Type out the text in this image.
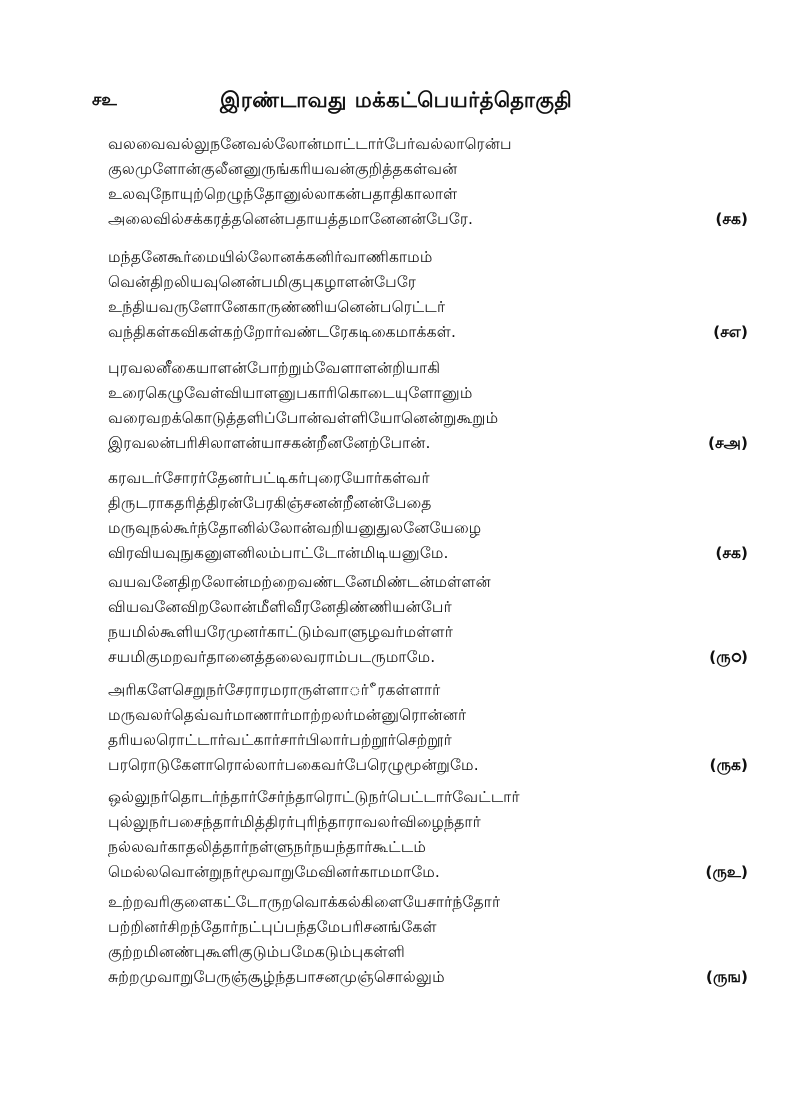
சஉ	இரண்டாவது மக்கட்பெயர்த்தொகுதி
வலவைவல்லுநனேவல்லோன்மாட்டார்பேர்வல்லாரென்ப
குலமுளோன்குலீனனுருங்கரியவன்குறித்தகள்வன்
உலவுநோயுற்றெழுந்தோனுல்லாகன்பதாதிகாலாள்
அலைவில்சக்கரத்தனென்பதாயத்தமானேனன்பேரே.	(சக)
மந்தனேகூர்மையில்லோனக்கனிர்வாணிகாமம்
வென்திறலியவுனென்பமிகுபுகழாளன்பேரே
உந்தியவருளோனேகாருண்ணியனென்பரெட்டர்
வந்திகள்கவிகள்கற்றோர்வண்டரேகடிகைமாக்கள்.	(சஎ)
புரவலனீகையாளன்போற்றும்வேளாளன்றியாகி
உரைகெழுவேள்வியாளனுபகாரிகொடையுளோனும்
வரைவறக்கொடுத்தளிப்போன்வள்ளியோனென்றுகூறும்
இரவலன்பரிசிலாளன்யாசகன்றீனனேற்போன்.	(சஅ)
கரவடர்சோரர்தேனர்பட்டிகர்புரையோர்கள்வர்
திருடராகதரித்திரன்பேரகிஞ்சனன்றீனன்பேதை
மருவுநல்கூர்ந்தோனில்லோன்வறியனுதுலனேயேழை
விரவியவுநுகனுளனிலம்பாட்டோன்மிடியனுமே.	(சக)
வயவனேதிறலோன்மற்றைவண்டனேமிண்டன்மள்ளன்
வியவனேவிறலோன்மீளிவீரனேதிண்ணியன்பேர்
நயமில்கூளியரேமுனர்காட்டும்வாளுழவர்மள்ளர்
சயமிகுமறவர்தானைத்தலைவராம்படருமாமே.	(ருഠ)
அரிகளேசெறுநர்சேராரமராருள்ளார்ீரகள்ளார்
மருவலர்தெவ்வர்மாணார்மாற்றலர்மன்னுரொன்னர்
தரியலரொட்டார்வட்கார்சார்பிலார்பற்றூர்செற்றூர்
பரரொடுகேளாரொல்லார்பகைவர்பேரெழுமூன்றுமே.	(ருக)
ஒல்லுநர்தொடர்ந்தார்சேர்ந்தாரொட்டுநர்பெட்டார்வேட்டார்
புல்லுநர்பசைந்தார்மித்திரர்புரிந்தாராவலர்விழைந்தார்
நல்லவர்காதலித்தார்நள்ளுநர்நயந்தார்கூட்டம்
மெல்லவொன்றுநர்மூவாறுமேவினர்காமமாமே.	(ருஉ)
உற்றவரிகுளைகட்டோருறவொக்கல்கிளையேசார்ந்தோர்
பற்றினர்சிறந்தோர்நட்புப்பந்தமேபரிசனங்கேள்
குற்றமினண்புகூளிகுடும்பமேகடும்புகள்ளி
சுற்றமுவாறுபேருஞ்சூழ்ந்தபாசனமுஞ்சொல்லும்	(ருங)
